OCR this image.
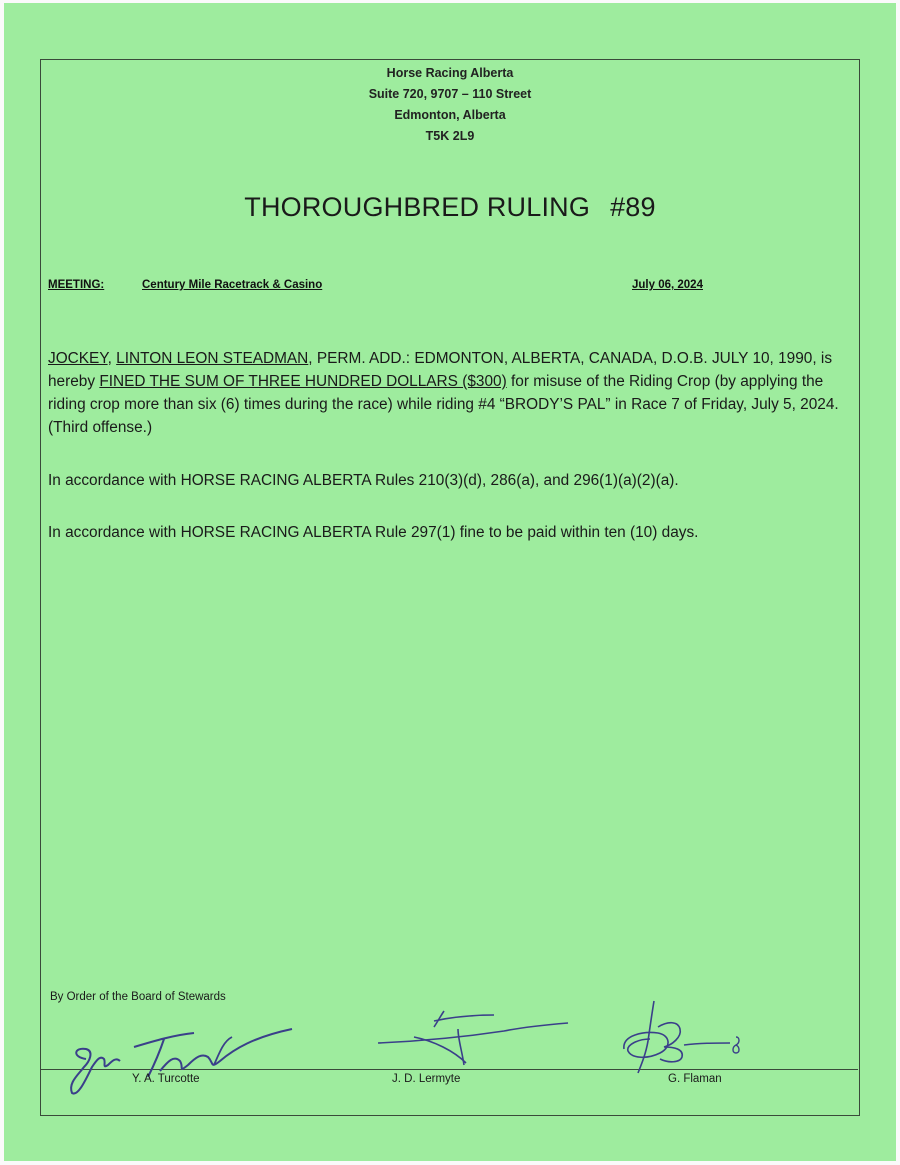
Horse Racing Alberta
Suite 720, 9707 – 110 Street
Edmonton, Alberta
T5K 2L9
THOROUGHBRED RULING #89
MEETING:	Century Mile Racetrack & Casino	July 06, 2024
JOCKEY, LINTON LEON STEADMAN, PERM. ADD.: EDMONTON, ALBERTA, CANADA, D.O.B. JULY 10, 1990, is hereby FINED THE SUM OF THREE HUNDRED DOLLARS ($300) for misuse of the Riding Crop (by applying the riding crop more than six (6) times during the race) while riding #4 “BRODY’S PAL” in Race 7 of Friday, July 5, 2024. (Third offense.)
In accordance with HORSE RACING ALBERTA Rules 210(3)(d), 286(a), and 296(1)(a)(2)(a).
In accordance with HORSE RACING ALBERTA Rule 297(1) fine to be paid within ten (10) days.
By Order of the Board of Stewards
Y. A. Turcotte	J. D. Lermyte	G. Flaman
